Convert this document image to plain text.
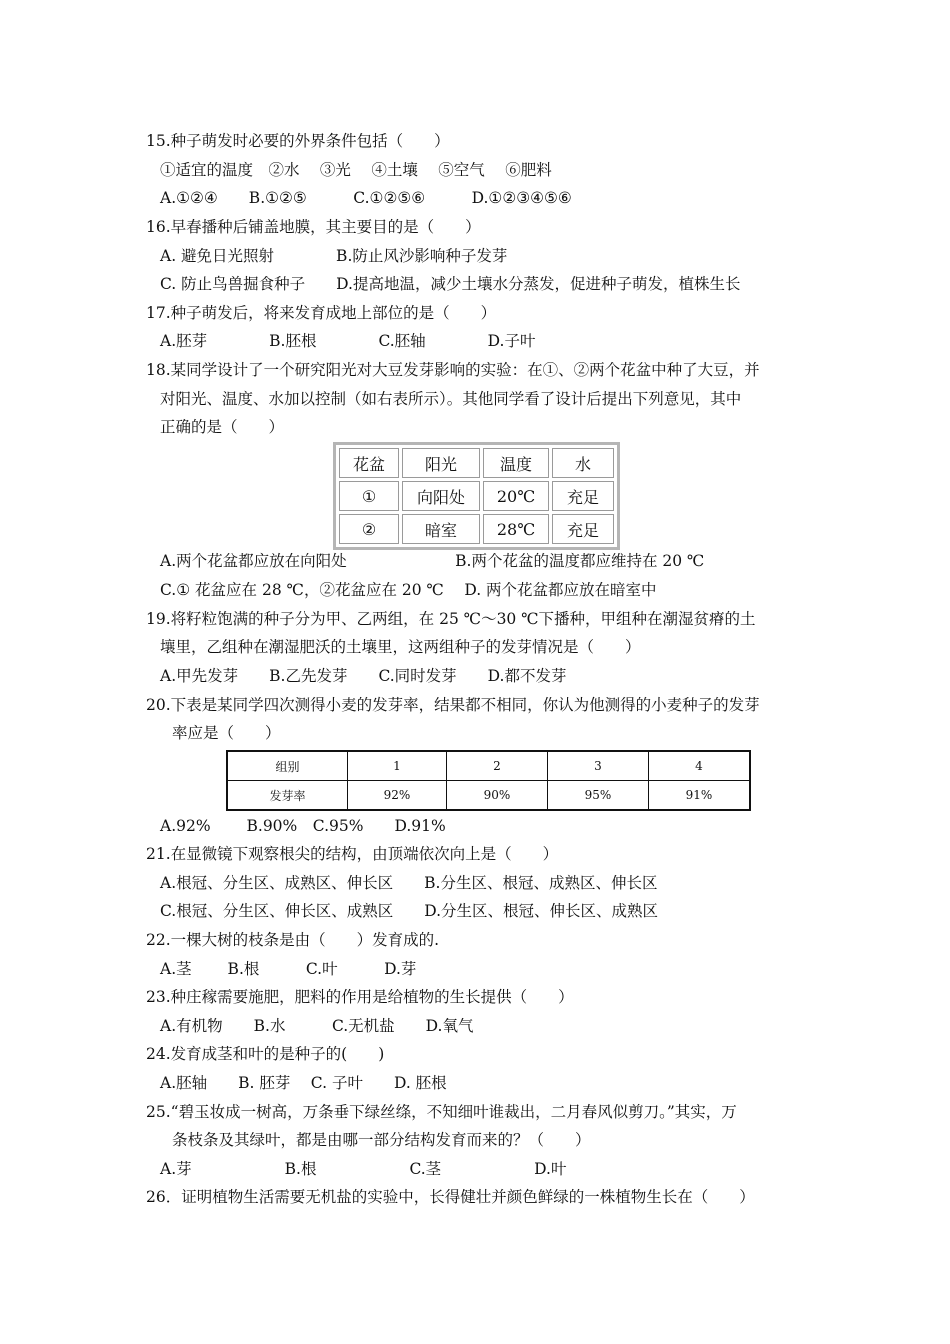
15.种子萌发时必要的外界条件包括（　　）
①适宜的温度　②水　 ③光　 ④土壤　 ⑤空气　 ⑥肥料
A.①②④　　B.①②⑤　　　C.①②⑤⑥　　　D.①②③④⑤⑥
16.早春播种后铺盖地膜，其主要目的是（　　）
A. 避免日光照射　　　　B.防止风沙影响种子发芽
C. 防止鸟兽掘食种子　　D.提高地温，减少土壤水分蒸发，促进种子萌发，植株生长
17.种子萌发后，将来发育成地上部位的是（　　）
A.胚芽　　　　B.胚根　　　　C.胚轴　　　　D.子叶
18.某同学设计了一个研究阳光对大豆发芽影响的实验：在①、②两个花盆中种了大豆，并
对阳光、温度、水加以控制（如右表所示）。其他同学看了设计后提出下列意见，其中
正确的是（　　）
花盆	阳光	温度	水
①	向阳处	20℃	充足
②	暗室	28℃	充足
A.两个花盆都应放在向阳处　　　　　　　B.两个花盆的温度都应维持在 20 ℃
C.① 花盆应在 28 ℃，②花盆应在 20 ℃　 D. 两个花盆都应放在暗室中
19.将籽粒饱满的种子分为甲、乙两组，在 25 ℃～30 ℃下播种，甲组种在潮湿贫瘠的土
壤里，乙组种在潮湿肥沃的土壤里，这两组种子的发芽情况是（　　）
A.甲先发芽　　B.乙先发芽　　C.同时发芽　　D.都不发芽
20.下表是某同学四次测得小麦的发芽率，结果都不相同，你认为他测得的小麦种子的发芽
率应是（　　）
组别	1	2	3	4
发芽率	92%	90%	95%	91%
A.92%　　 B.90%　C.95%　　D.91%
21.在显微镜下观察根尖的结构，由顶端依次向上是（　　）
A.根冠、分生区、成熟区、伸长区　　B.分生区、根冠、成熟区、伸长区
C.根冠、分生区、伸长区、成熟区　　D.分生区、根冠、伸长区、成熟区
22.一棵大树的枝条是由（　　）发育成的.
A.茎　　 B.根　　　C.叶　　　D.芽
23.种庄稼需要施肥，肥料的作用是给植物的生长提供（　　）
A.有机物　　B.水　　　C.无机盐　　D.氧气
24.发育成茎和叶的是种子的(　　)
A.胚轴　　B. 胚芽　 C. 子叶　　D. 胚根
25.“碧玉妆成一树高，万条垂下绿丝绦，不知细叶谁裁出，二月春风似剪刀。”其实，万
条枝条及其绿叶，都是由哪一部分结构发育而来的？（　　）
A.芽　　　　　　B.根　　　　　　C.茎　　　　　　D.叶
26．证明植物生活需要无机盐的实验中，长得健壮并颜色鲜绿的一株植物生长在（　　）
